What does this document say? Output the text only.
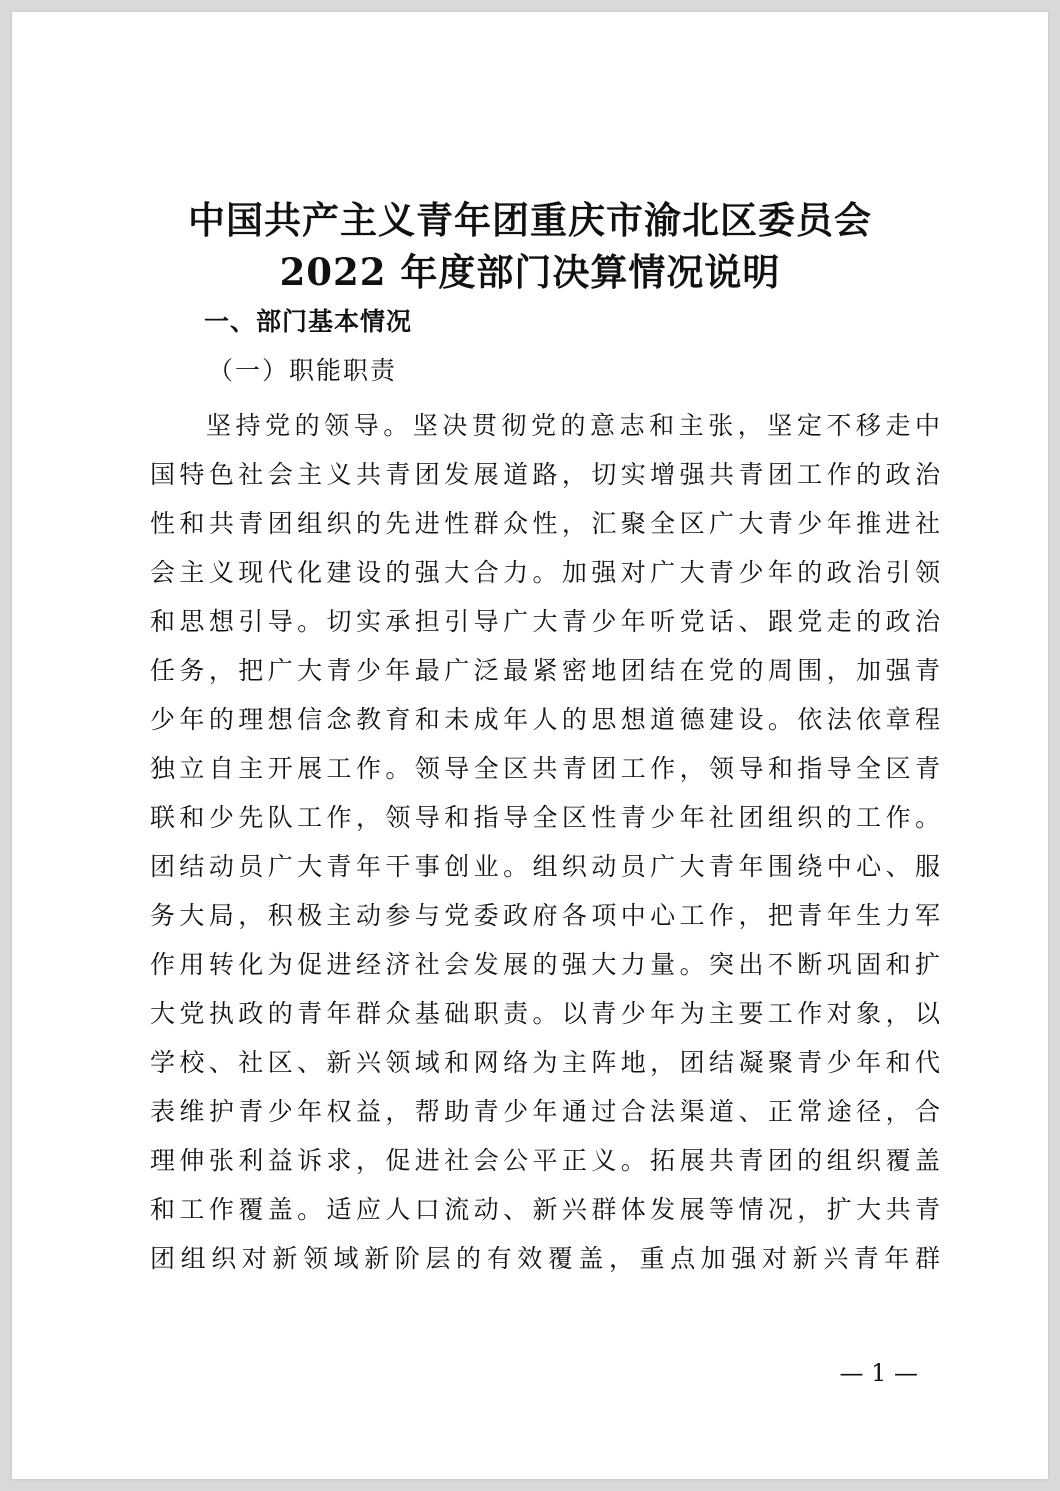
中国共产主义青年团重庆市渝北区委员会
2022 年度部门决算情况说明
一、部门基本情况
（一）职能职责
坚持党的领导。坚决贯彻党的意志和主张，坚定不移走中
国特色社会主义共青团发展道路，切实增强共青团工作的政治
性和共青团组织的先进性群众性，汇聚全区广大青少年推进社
会主义现代化建设的强大合力。加强对广大青少年的政治引领
和思想引导。切实承担引导广大青少年听党话、跟党走的政治
任务，把广大青少年最广泛最紧密地团结在党的周围，加强青
少年的理想信念教育和未成年人的思想道德建设。依法依章程
独立自主开展工作。领导全区共青团工作，领导和指导全区青
联和少先队工作，领导和指导全区性青少年社团组织的工作。
团结动员广大青年干事创业。组织动员广大青年围绕中心、服
务大局，积极主动参与党委政府各项中心工作，把青年生力军
作用转化为促进经济社会发展的强大力量。突出不断巩固和扩
大党执政的青年群众基础职责。以青少年为主要工作对象，以
学校、社区、新兴领域和网络为主阵地，团结凝聚青少年和代
表维护青少年权益，帮助青少年通过合法渠道、正常途径，合
理伸张利益诉求，促进社会公平正义。拓展共青团的组织覆盖
和工作覆盖。适应人口流动、新兴群体发展等情况，扩大共青
团组织对新领域新阶层的有效覆盖，重点加强对新兴青年群
— 1 —
